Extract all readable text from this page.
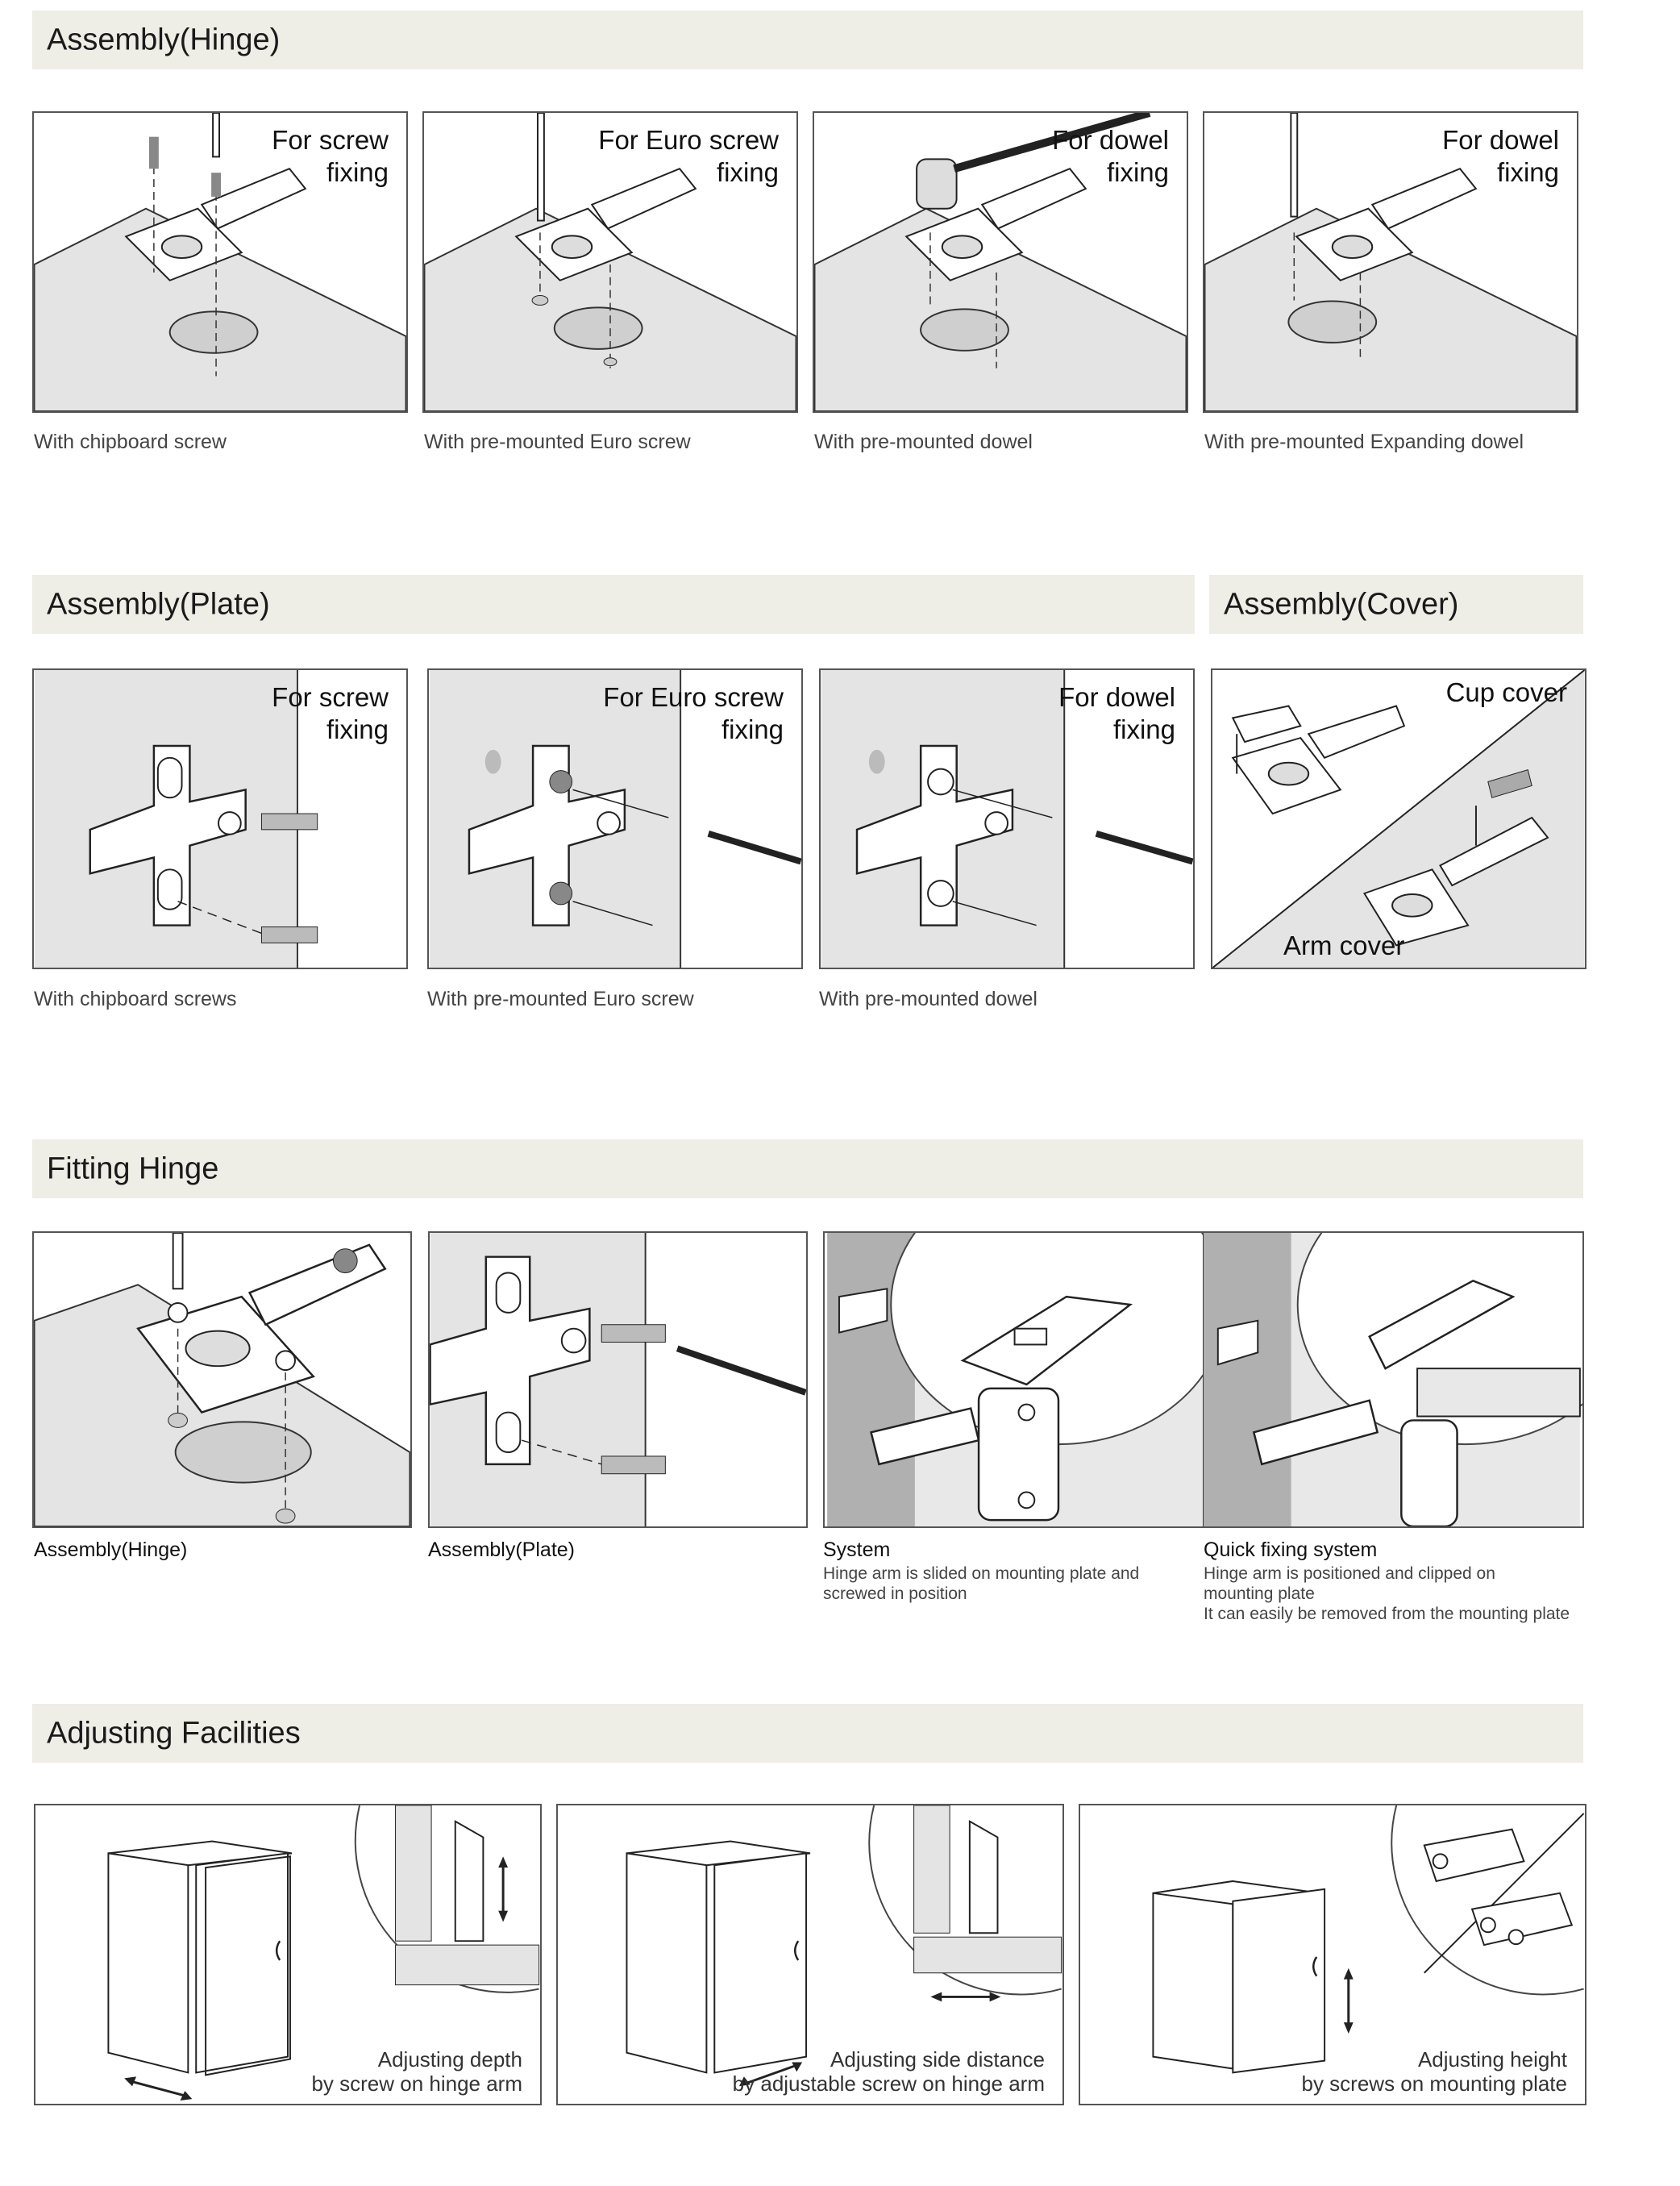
Assembly(Hinge)
For screw
fixing
With chipboard screw
For Euro screw
fixing
With pre-mounted Euro screw
For dowel
fixing
With pre-mounted dowel
For dowel
fixing
With pre-mounted Expanding dowel
Assembly(Plate)	Assembly(Cover)
For screw
fixing
With chipboard screws
For Euro screw
fixing
With pre-mounted Euro screw
For dowel
fixing
With pre-mounted dowel
Cup cover
Arm cover
Fitting Hinge
Assembly(Hinge)	Assembly(Plate)	System
Hinge arm is slided on mounting plate and
screwed in position
Quick fixing system
Hinge arm is positioned and clipped on
mounting plate
It can easily be removed from the mounting plate
Adjusting Facilities
Adjusting depth
by screw on hinge arm
Adjusting side distance
by adjustable screw on hinge arm
Adjusting height
by screws on mounting plate
